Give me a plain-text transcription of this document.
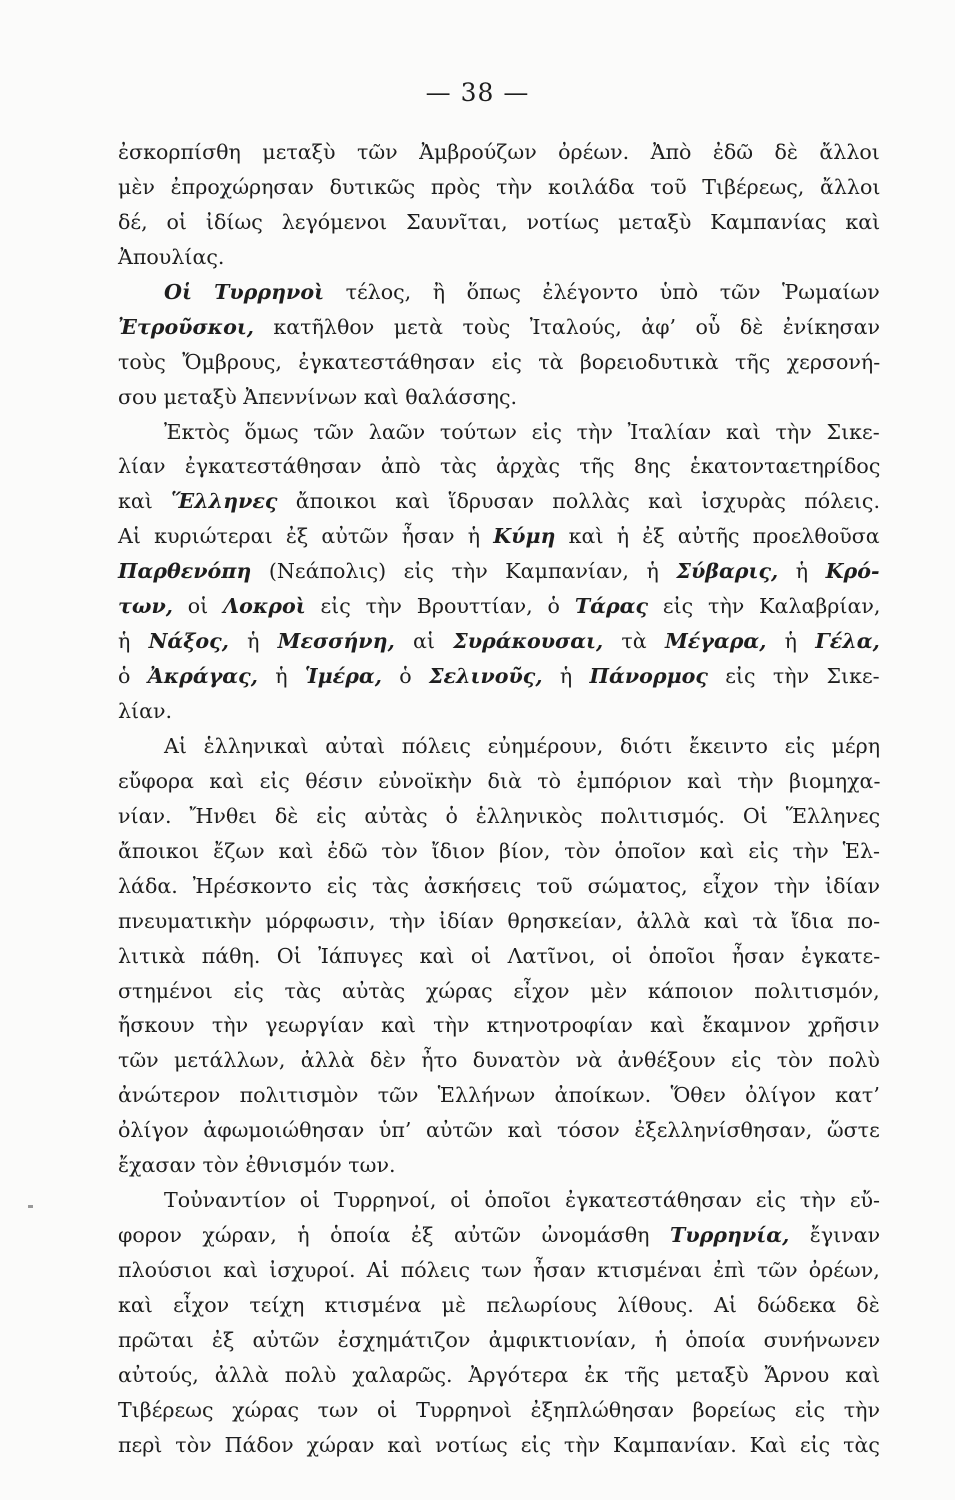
— 38 —
ἐσκορπίσθη μεταξὺ τῶν Ἀμβρούζων ὀρέων. Ἀπὸ ἐδῶ δὲ ἄλλοι
μὲν ἐπροχώρησαν δυτικῶς πρὸς τὴν κοιλάδα τοῦ Τιβέρεως, ἄλλοι
δέ, οἱ ἰδίως λεγόμενοι Σαυνῖται, νοτίως μεταξὺ Καμπανίας καὶ
Ἀπουλίας.
Οἱ Τυρρηνοὶ τέλος, ἢ ὅπως ἐλέγοντο ὑπὸ τῶν Ῥωμαίων
Ἐτροῦσκοι, κατῆλθον μετὰ τοὺς Ἰταλούς, ἀφ’ οὗ δὲ ἐνίκησαν
τοὺς Ὄμβρους, ἐγκατεστάθησαν εἰς τὰ βορειοδυτικὰ τῆς χερσονή-
σου μεταξὺ Ἀπεννίνων καὶ θαλάσσης.
Ἐκτὸς ὅμως τῶν λαῶν τούτων εἰς τὴν Ἰταλίαν καὶ τὴν Σικε-
λίαν ἐγκατεστάθησαν ἀπὸ τὰς ἀρχὰς τῆς 8ης ἑκατονταετηρίδος
καὶ Ἕλληνες ἄποικοι καὶ ἵδρυσαν πολλὰς καὶ ἰσχυρὰς πόλεις.
Αἱ κυριώτεραι ἐξ αὐτῶν ἦσαν ἡ Κύμη καὶ ἡ ἐξ αὐτῆς προελθοῦσα
Παρθενόπη (Νεάπολις) εἰς τὴν Καμπανίαν, ἡ Σύβαρις, ἡ Κρό-
των, οἱ Λοκροὶ εἰς τὴν Βρουττίαν, ὁ Τάρας εἰς τὴν Καλαβρίαν,
ἡ Νάξος, ἡ Μεσσήνη, αἱ Συράκουσαι, τὰ Μέγαρα, ἡ Γέλα,
ὁ Ἀκράγας, ἡ Ἱμέρα, ὁ Σελινοῦς, ἡ Πάνορμος εἰς τὴν Σικε-
λίαν.
Αἱ ἑλληνικαὶ αὐταὶ πόλεις εὐημέρουν, διότι ἔκειντο εἰς μέρη
εὔφορα καὶ εἰς θέσιν εὐνοϊκὴν διὰ τὸ ἐμπόριον καὶ τὴν βιομηχα-
νίαν. Ἤνθει δὲ εἰς αὐτὰς ὁ ἑλληνικὸς πολιτισμός. Οἱ Ἕλληνες
ἄποικοι ἔζων καὶ ἐδῶ τὸν ἴδιον βίον, τὸν ὁποῖον καὶ εἰς τὴν Ἑλ-
λάδα. Ἠρέσκοντο εἰς τὰς ἀσκήσεις τοῦ σώματος, εἶχον τὴν ἰδίαν
πνευματικὴν μόρφωσιν, τὴν ἰδίαν θρησκείαν, ἀλλὰ καὶ τὰ ἴδια πο-
λιτικὰ πάθη. Οἱ Ἰάπυγες καὶ οἱ Λατῖνοι, οἱ ὁποῖοι ἦσαν ἐγκατε-
στημένοι εἰς τὰς αὐτὰς χώρας εἶχον μὲν κάποιον πολιτισμόν,
ἤσκουν τὴν γεωργίαν καὶ τὴν κτηνοτροφίαν καὶ ἔκαμνον χρῆσιν
τῶν μετάλλων, ἀλλὰ δὲν ἦτο δυνατὸν νὰ ἀνθέξουν εἰς τὸν πολὺ
ἀνώτερον πολιτισμὸν τῶν Ἑλλήνων ἀποίκων. Ὅθεν ὀλίγον κατ’
ὀλίγον ἀφωμοιώθησαν ὑπ’ αὐτῶν καὶ τόσον ἐξελληνίσθησαν, ὥστε
ἔχασαν τὸν ἐθνισμόν των.
Τοὐναντίον οἱ Τυρρηνοί, οἱ ὁποῖοι ἐγκατεστάθησαν εἰς τὴν εὔ-
φορον χώραν, ἡ ὁποία ἐξ αὐτῶν ὠνομάσθη Τυρρηνία, ἔγιναν
πλούσιοι καὶ ἰσχυροί. Αἱ πόλεις των ἦσαν κτισμέναι ἐπὶ τῶν ὀρέων,
καὶ εἶχον τείχη κτισμένα μὲ πελωρίους λίθους. Αἱ δώδεκα δὲ
πρῶται ἐξ αὐτῶν ἐσχημάτιζον ἀμφικτιονίαν, ἡ ὁποία συνήνωνεν
αὐτούς, ἀλλὰ πολὺ χαλαρῶς. Ἀργότερα ἐκ τῆς μεταξὺ Ἄρνου καὶ
Τιβέρεως χώρας των οἱ Τυρρηνοὶ ἐξηπλώθησαν βορείως εἰς τὴν
περὶ τὸν Πάδον χώραν καὶ νοτίως εἰς τὴν Καμπανίαν. Καὶ εἰς τὰς
